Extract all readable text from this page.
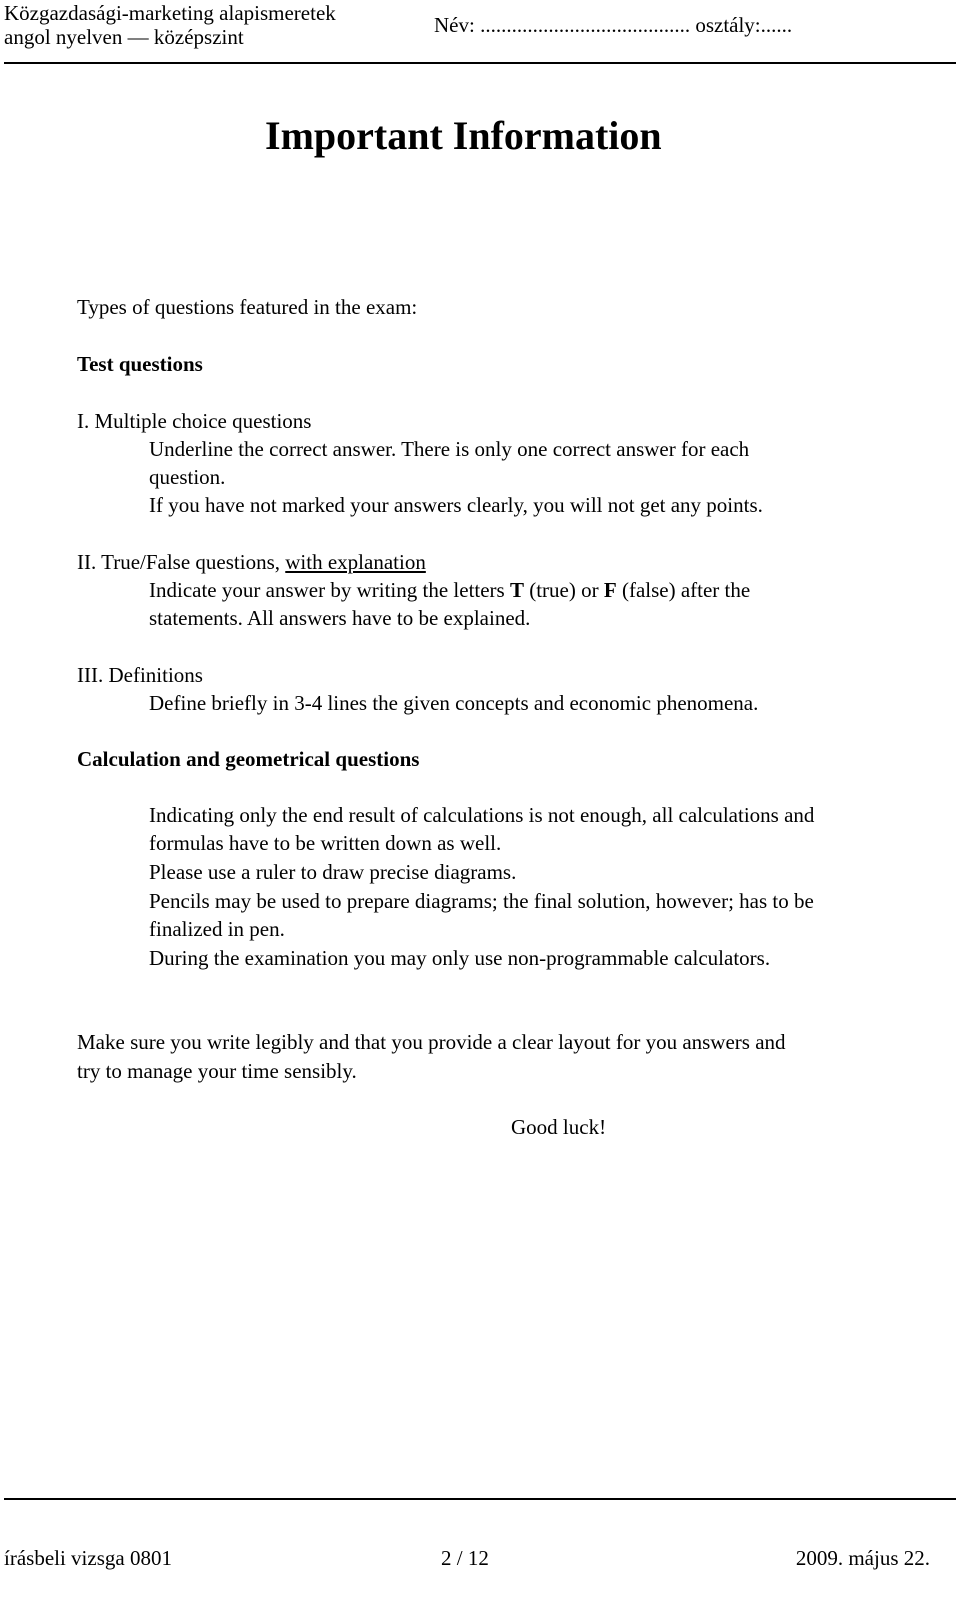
Közgazdasági-marketing alapismeretek
angol nyelven — középszint	Név: ........................................ osztály:......
Important Information
Types of questions featured in the exam:
Test questions
I. Multiple choice questions
Underline the correct answer. There is only one correct answer for each
question.
If you have not marked your answers clearly, you will not get any points.
II. True/False questions, with explanation
Indicate your answer by writing the letters T (true) or F (false) after the
statements. All answers have to be explained.
III. Definitions
Define briefly in 3-4 lines the given concepts and economic phenomena.
Calculation and geometrical questions
Indicating only the end result of calculations is not enough, all calculations and
formulas have to be written down as well.
Please use a ruler to draw precise diagrams.
Pencils may be used to prepare diagrams; the final solution, however; has to be
finalized in pen.
During the examination you may only use non-programmable calculators.
Make sure you write legibly and that you provide a clear layout for you answers and
try to manage your time sensibly.
Good luck!
írásbeli vizsga 0801	2 / 12	2009. május 22.
